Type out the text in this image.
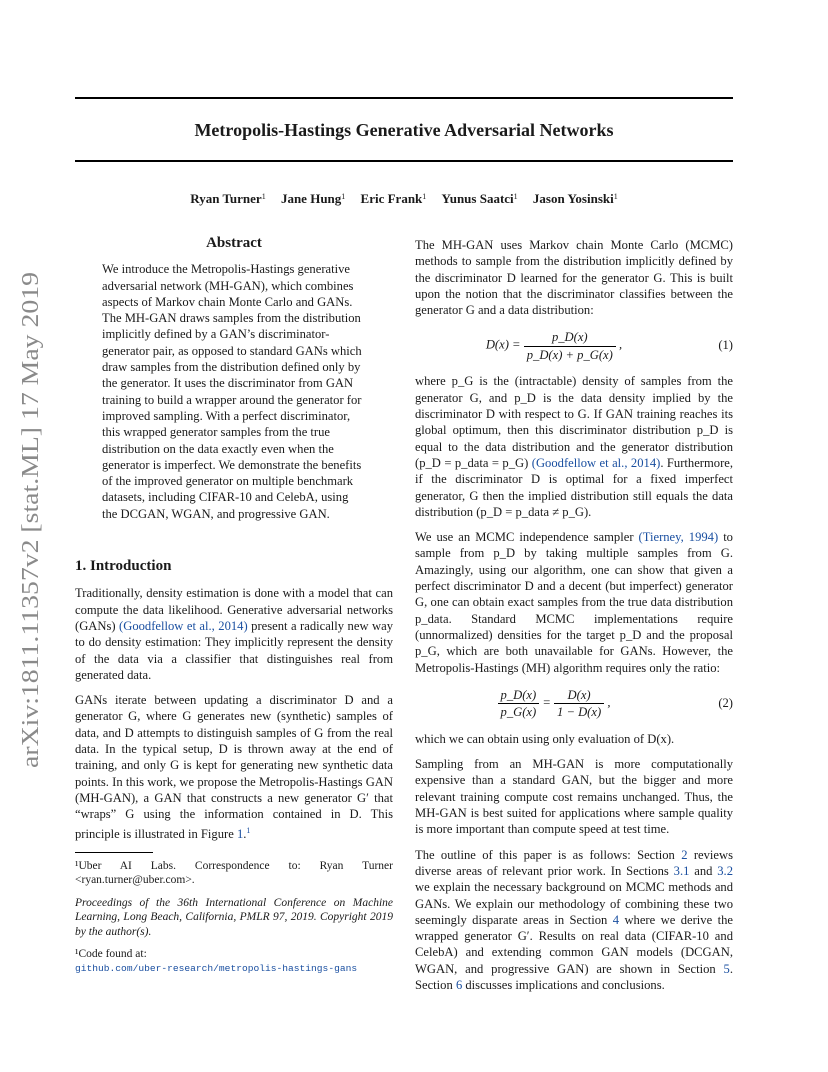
Metropolis-Hastings Generative Adversarial Networks
Ryan Turner$^1$ Jane Hung$^1$ Eric Frank$^1$ Yunus Saatci$^1$ Jason Yosinski$^1$
arXiv:1811.11357v2 [stat.ML] 17 May 2019
Abstract
We introduce the Metropolis-Hastings generative adversarial network (MH-GAN), which combines aspects of Markov chain Monte Carlo and GANs. The MH-GAN draws samples from the distribution implicitly defined by a GAN’s discriminator-generator pair, as opposed to standard GANs which draw samples from the distribution defined only by the generator. It uses the discriminator from GAN training to build a wrapper around the generator for improved sampling. With a perfect discriminator, this wrapped generator samples from the true distribution on the data exactly even when the generator is imperfect. We demonstrate the benefits of the improved generator on multiple benchmark datasets, including CIFAR-10 and CelebA, using the DCGAN, WGAN, and progressive GAN.
1. Introduction

Traditionally, density estimation is done with a model that can compute the data likelihood. Generative adversarial networks (GANs) (Goodfellow et al., 2014) present a radically new way to do density estimation: They implicitly represent the density of the data via a classifier that distinguishes real from generated data.

GANs iterate between updating a discriminator D and a generator G, where G generates new (synthetic) samples of data, and D attempts to distinguish samples of G from the real data. In the typical setup, D is thrown away at the end of training, and only G is kept for generating new synthetic data points. In this work, we propose the Metropolis-Hastings GAN (MH-GAN), a GAN that constructs a new generator G′ that “wraps” G using the information contained in D. This principle is illustrated in Figure 1.$^1$

¹Uber AI Labs. Correspondence to: Ryan Turner <ryan.turner@uber.com>.
Proceedings of the 36th International Conference on Machine Learning, Long Beach, California, PMLR 97, 2019. Copyright 2019 by the author(s).
¹Code found at:
github.com/uber-research/metropolis-hastings-gans

The MH-GAN uses Markov chain Monte Carlo (MCMC) methods to sample from the distribution implicitly defined by the discriminator D learned for the generator G. This is built upon the notion that the discriminator classifies between the generator G and a data distribution:

$D(x) = \frac{p\_D(x)}{p\_D(x) + p\_G(x)}$ ,	(1)

where p_G is the (intractable) density of samples from the generator G, and p_D is the data density implied by the discriminator D with respect to G. If GAN training reaches its global optimum, then this discriminator distribution p_D is equal to the data distribution and the generator distribution (p_D = p_data = p_G) (Goodfellow et al., 2014). Furthermore, if the discriminator D is optimal for a fixed imperfect generator, G then the implied distribution still equals the data distribution (p_D = p_data ≠ p_G).

We use an MCMC independence sampler (Tierney, 1994) to sample from p_D by taking multiple samples from G. Amazingly, using our algorithm, one can show that given a perfect discriminator D and a decent (but imperfect) generator G, one can obtain exact samples from the true data distribution p_data. Standard MCMC implementations require (unnormalized) densities for the target p_D and the proposal p_G, which are both unavailable for GANs. However, the Metropolis-Hastings (MH) algorithm requires only the ratio:

$\frac{p\_D(x)}{p\_G(x)} = \frac{D(x)}{1 - D(x)}$ ,	(2)

which we can obtain using only evaluation of D(x).

Sampling from an MH-GAN is more computationally expensive than a standard GAN, but the bigger and more relevant training compute cost remains unchanged. Thus, the MH-GAN is best suited for applications where sample quality is more important than compute speed at test time.

The outline of this paper is as follows: Section 2 reviews diverse areas of relevant prior work. In Sections 3.1 and 3.2 we explain the necessary background on MCMC methods and GANs. We explain our methodology of combining these two seemingly disparate areas in Section 4 where we derive the wrapped generator G′. Results on real data (CIFAR-10 and CelebA) and extending common GAN models (DCGAN, WGAN, and progressive GAN) are shown in Section 5. Section 6 discusses implications and conclusions.
